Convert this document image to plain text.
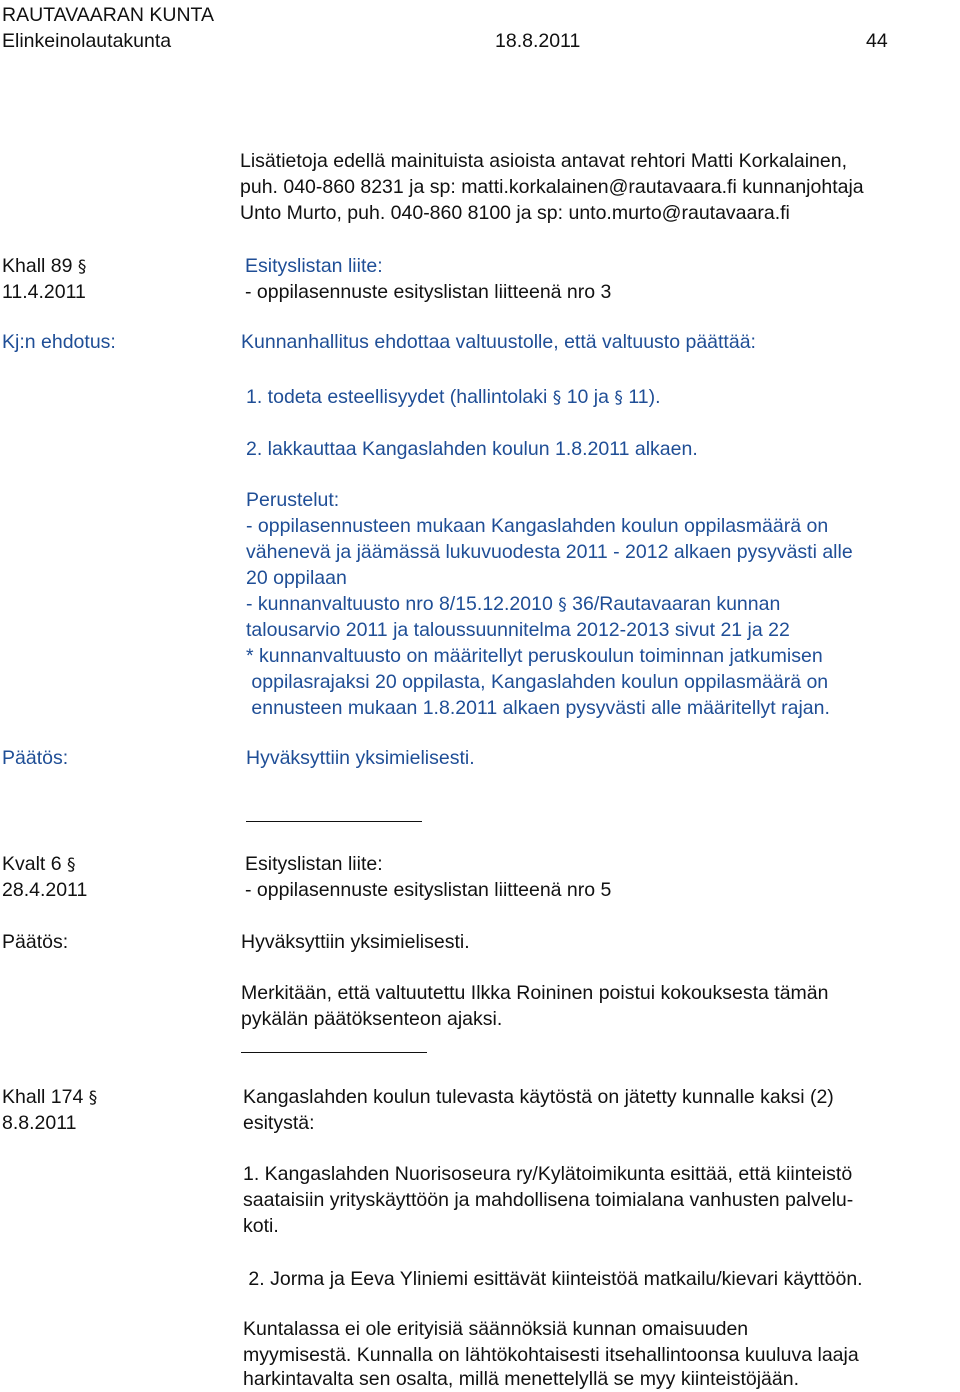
RAUTAVAARAN KUNTA
Elinkeinolautakunta	18.8.2011	44
Lisätietoja edellä mainituista asioista antavat rehtori Matti Korkalainen,
puh. 040-860 8231 ja sp: matti.korkalainen@rautavaara.fi kunnanjohtaja
Unto Murto, puh. 040-860 8100 ja sp: unto.murto@rautavaara.fi
Khall 89 §	Esityslistan liite:
11.4.2011	- oppilasennuste esityslistan liitteenä nro 3
Kj:n ehdotus:	Kunnanhallitus ehdottaa valtuustolle, että valtuusto päättää:
1. todeta esteellisyydet (hallintolaki § 10 ja § 11).
2. lakkauttaa Kangaslahden koulun 1.8.2011 alkaen.
Perustelut:
- oppilasennusteen mukaan Kangaslahden koulun oppilasmäärä on
vähenevä ja jäämässä lukuvuodesta 2011 - 2012 alkaen pysyvästi alle
20 oppilaan
- kunnanvaltuusto nro 8/15.12.2010 § 36/Rautavaaran kunnan
talousarvio 2011 ja taloussuunnitelma 2012-2013 sivut 21 ja 22
* kunnanvaltuusto on määritellyt peruskoulun toiminnan jatkumisen
oppilasrajaksi 20 oppilasta, Kangaslahden koulun oppilasmäärä on
ennusteen mukaan 1.8.2011 alkaen pysyvästi alle määritellyt rajan.
Päätös:	Hyväksyttiin yksimielisesti.
Kvalt 6 §	Esityslistan liite:
28.4.2011	- oppilasennuste esityslistan liitteenä nro 5
Päätös:	Hyväksyttiin yksimielisesti.
Merkitään, että valtuutettu Ilkka Roininen poistui kokouksesta tämän
pykälän päätöksenteon ajaksi.
Khall 174 §	Kangaslahden koulun tulevasta käytöstä on jätetty kunnalle kaksi (2)
8.8.2011	esitystä:
1. Kangaslahden Nuorisoseura ry/Kylätoimikunta esittää, että kiinteistö
saataisiin yrityskäyttöön ja mahdollisena toimialana vanhusten palvelu-
koti.
2. Jorma ja Eeva Yliniemi esittävät kiinteistöä matkailu/kievari käyttöön.
Kuntalassa ei ole erityisiä säännöksiä kunnan omaisuuden
myymisestä. Kunnalla on lähtökohtaisesti itsehallintoonsa kuuluva laaja
harkintavalta sen osalta, millä menettelyllä se myy kiinteistöjään.
